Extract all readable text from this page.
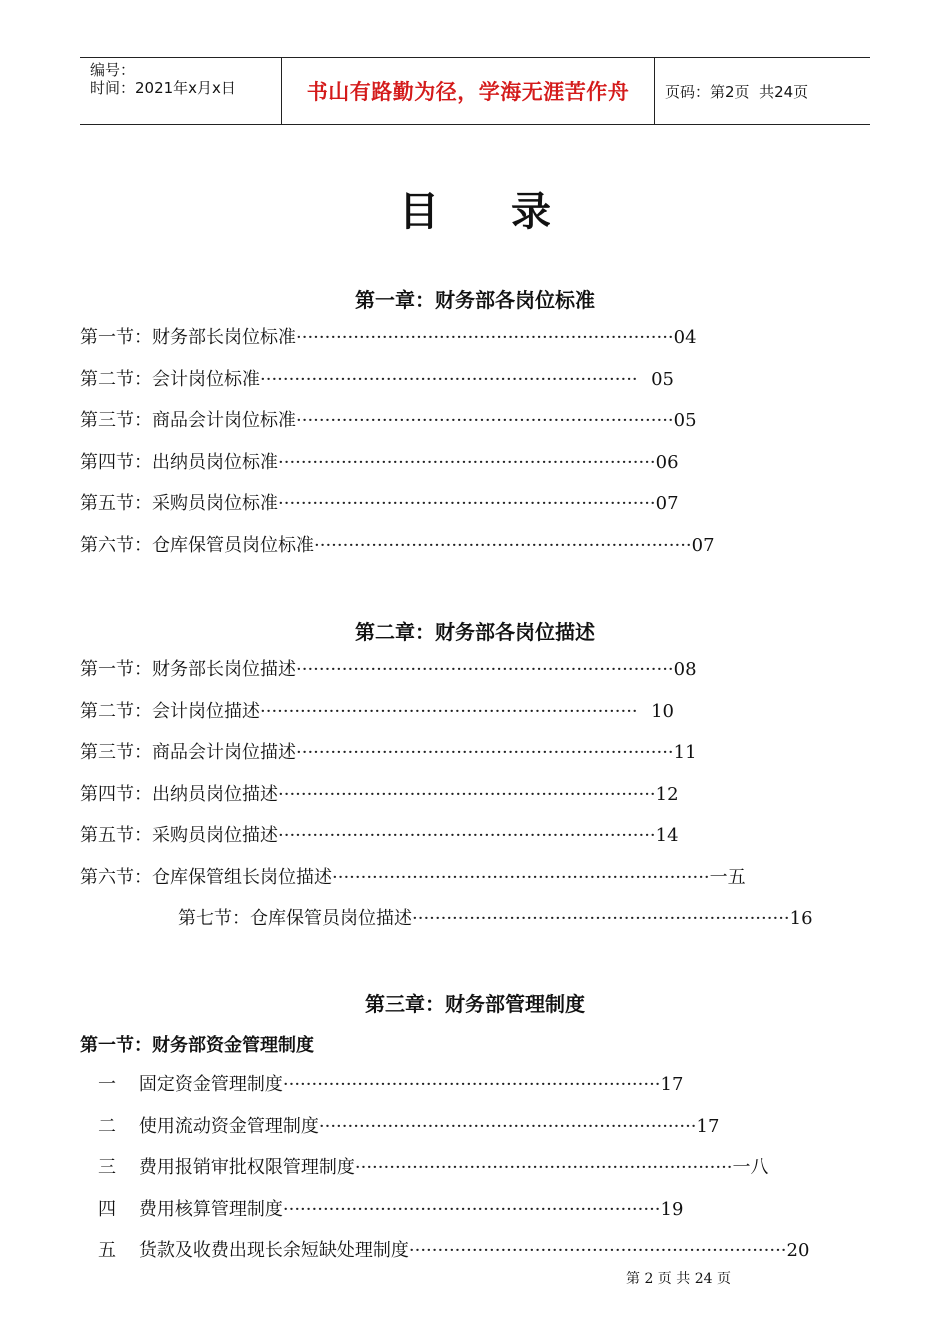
编号：
时间：2021年x月x日	书山有路勤为径，学海无涯苦作舟	页码：第2页  共24页
目 录
第一章：财务部各岗位标准
第一节：财务部长岗位标准 ·································································· 04
第二节：会计岗位标准 ·································································· 05
第三节：商品会计岗位标准 ·································································· 05
第四节：出纳员岗位标准 ·································································· 06
第五节：采购员岗位标准 ·································································· 07
第六节：仓库保管员岗位标准 ·································································· 07
第二章：财务部各岗位描述
第一节：财务部长岗位描述 ·································································· 08
第二节：会计岗位描述 ·································································· 10
第三节：商品会计岗位描述 ·································································· 11
第四节：出纳员岗位描述 ·································································· 12
第五节：采购员岗位描述 ·································································· 14
第六节：仓库保管组长岗位描述 ·································································· 一五
第七节：仓库保管员岗位描述 ·································································· 16
第三章：财务部管理制度
第一节：财务部资金管理制度
一    固定资金管理制度 ·································································· 17
二    使用流动资金管理制度 ·································································· 17
三    费用报销审批权限管理制度 ·································································· 一八
四    费用核算管理制度 ·································································· 19
五    货款及收费出现长余短缺处理制度 ·································································· 20
第 2 页 共 24 页
